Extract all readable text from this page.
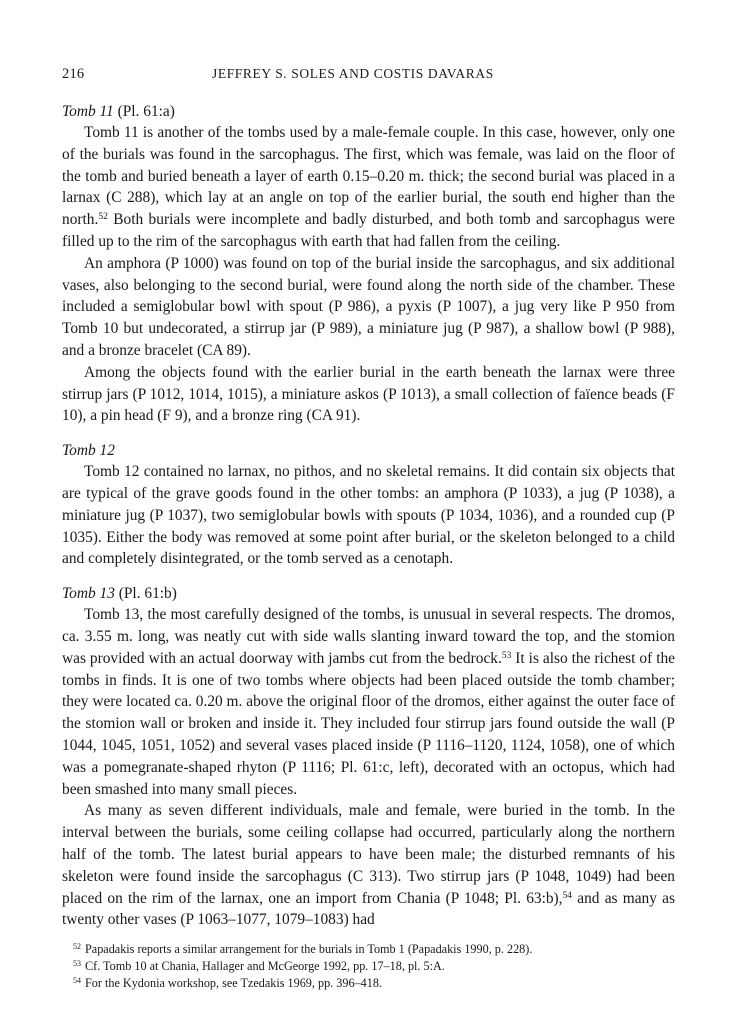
216	JEFFREY S. SOLES AND COSTIS DAVARAS
Tomb 11 (Pl. 61:a)

Tomb 11 is another of the tombs used by a male-female couple. In this case, however, only one of the burials was found in the sarcophagus. The first, which was female, was laid on the floor of the tomb and buried beneath a layer of earth 0.15–0.20 m. thick; the second burial was placed in a larnax (C 288), which lay at an angle on top of the earlier burial, the south end higher than the north.$^{52}$ Both burials were incomplete and badly disturbed, and both tomb and sarcophagus were filled up to the rim of the sarcophagus with earth that had fallen from the ceiling.

An amphora (P 1000) was found on top of the burial inside the sarcophagus, and six additional vases, also belonging to the second burial, were found along the north side of the chamber. These included a semiglobular bowl with spout (P 986), a pyxis (P 1007), a jug very like P 950 from Tomb 10 but undecorated, a stirrup jar (P 989), a miniature jug (P 987), a shallow bowl (P 988), and a bronze bracelet (CA 89).

Among the objects found with the earlier burial in the earth beneath the larnax were three stirrup jars (P 1012, 1014, 1015), a miniature askos (P 1013), a small collection of faïence beads (F 10), a pin head (F 9), and a bronze ring (CA 91).

Tomb 12

Tomb 12 contained no larnax, no pithos, and no skeletal remains. It did contain six objects that are typical of the grave goods found in the other tombs: an amphora (P 1033), a jug (P 1038), a miniature jug (P 1037), two semiglobular bowls with spouts (P 1034, 1036), and a rounded cup (P 1035). Either the body was removed at some point after burial, or the skeleton belonged to a child and completely disintegrated, or the tomb served as a cenotaph.

Tomb 13 (Pl. 61:b)

Tomb 13, the most carefully designed of the tombs, is unusual in several respects. The dromos, ca. 3.55 m. long, was neatly cut with side walls slanting inward toward the top, and the stomion was provided with an actual doorway with jambs cut from the bedrock.$^{53}$ It is also the richest of the tombs in finds. It is one of two tombs where objects had been placed outside the tomb chamber; they were located ca. 0.20 m. above the original floor of the dromos, either against the outer face of the stomion wall or broken and inside it. They included four stirrup jars found outside the wall (P 1044, 1045, 1051, 1052) and several vases placed inside (P 1116–1120, 1124, 1058), one of which was a pomegranate-shaped rhyton (P 1116; Pl. 61:c, left), decorated with an octopus, which had been smashed into many small pieces.

As many as seven different individuals, male and female, were buried in the tomb. In the interval between the burials, some ceiling collapse had occurred, particularly along the northern half of the tomb. The latest burial appears to have been male; the disturbed remnants of his skeleton were found inside the sarcophagus (C 313). Two stirrup jars (P 1048, 1049) had been placed on the rim of the larnax, one an import from Chania (P 1048; Pl. 63:b),$^{54}$ and as many as twenty other vases (P 1063–1077, 1079–1083) had

$^{52}$ Papadakis reports a similar arrangement for the burials in Tomb 1 (Papadakis 1990, p. 228).
$^{53}$ Cf. Tomb 10 at Chania, Hallager and McGeorge 1992, pp. 17–18, pl. 5:A.
$^{54}$ For the Kydonia workshop, see Tzedakis 1969, pp. 396–418.
